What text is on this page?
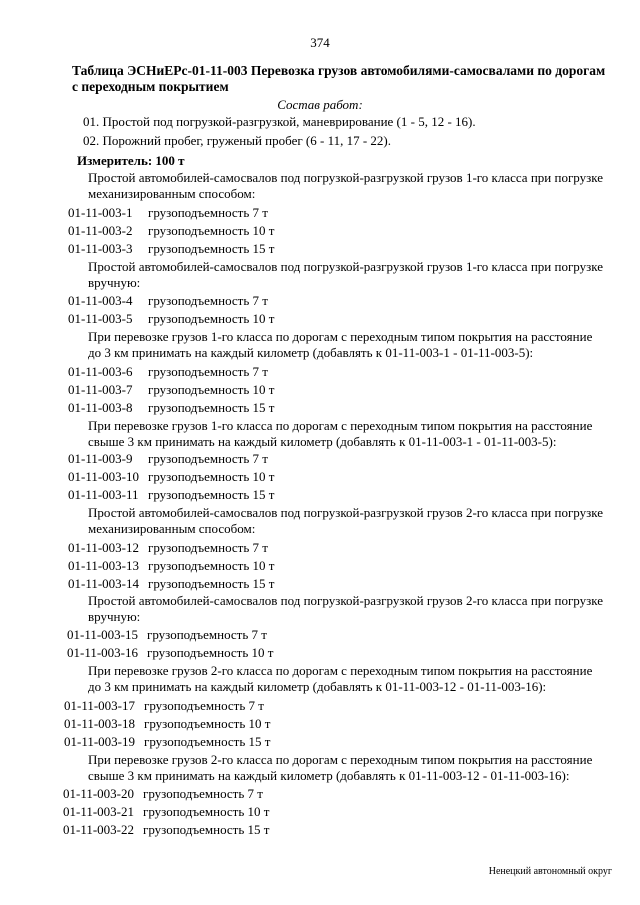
374
Таблица ЭСНиЕРс-01-11-003 Перевозка грузов автомобилями-самосвалами по дорогам с переходным покрытием
Состав работ:
01. Простой под погрузкой-разгрузкой, маневрирование (1 - 5, 12 - 16).
02. Порожний пробег, груженый пробег (6 - 11, 17 - 22).
Измеритель: 100 т
Простой автомобилей-самосвалов под погрузкой-разгрузкой грузов 1-го класса при погрузке механизированным способом:
01-11-003-1 грузоподъемность 7 т
01-11-003-2 грузоподъемность 10 т
01-11-003-3 грузоподъемность 15 т
Простой автомобилей-самосвалов под погрузкой-разгрузкой грузов 1-го класса при погрузке вручную:
01-11-003-4 грузоподъемность 7 т
01-11-003-5 грузоподъемность 10 т
При перевозке грузов 1-го класса по дорогам с переходным типом покрытия на расстояние до 3 км принимать на каждый километр (добавлять к 01-11-003-1 - 01-11-003-5):
01-11-003-6 грузоподъемность 7 т
01-11-003-7 грузоподъемность 10 т
01-11-003-8 грузоподъемность 15 т
При перевозке грузов 1-го класса по дорогам с переходным типом покрытия на расстояние свыше 3 км принимать на каждый километр (добавлять к 01-11-003-1 - 01-11-003-5):
01-11-003-9 грузоподъемность 7 т
01-11-003-10 грузоподъемность 10 т
01-11-003-11 грузоподъемность 15 т
Простой автомобилей-самосвалов под погрузкой-разгрузкой грузов 2-го класса при погрузке механизированным способом:
01-11-003-12 грузоподъемность 7 т
01-11-003-13 грузоподъемность 10 т
01-11-003-14 грузоподъемность 15 т
Простой автомобилей-самосвалов под погрузкой-разгрузкой грузов 2-го класса при погрузке вручную:
01-11-003-15 грузоподъемность 7 т
01-11-003-16 грузоподъемность 10 т
При перевозке грузов 2-го класса по дорогам с переходным типом покрытия на расстояние до 3 км принимать на каждый километр (добавлять к 01-11-003-12 - 01-11-003-16):
01-11-003-17 грузоподъемность 7 т
01-11-003-18 грузоподъемность 10 т
01-11-003-19 грузоподъемность 15 т
При перевозке грузов 2-го класса по дорогам с переходным типом покрытия на расстояние свыше 3 км принимать на каждый километр (добавлять к 01-11-003-12 - 01-11-003-16):
01-11-003-20 грузоподъемность 7 т
01-11-003-21 грузоподъемность 10 т
01-11-003-22 грузоподъемность 15 т
Ненецкий автономный округ
